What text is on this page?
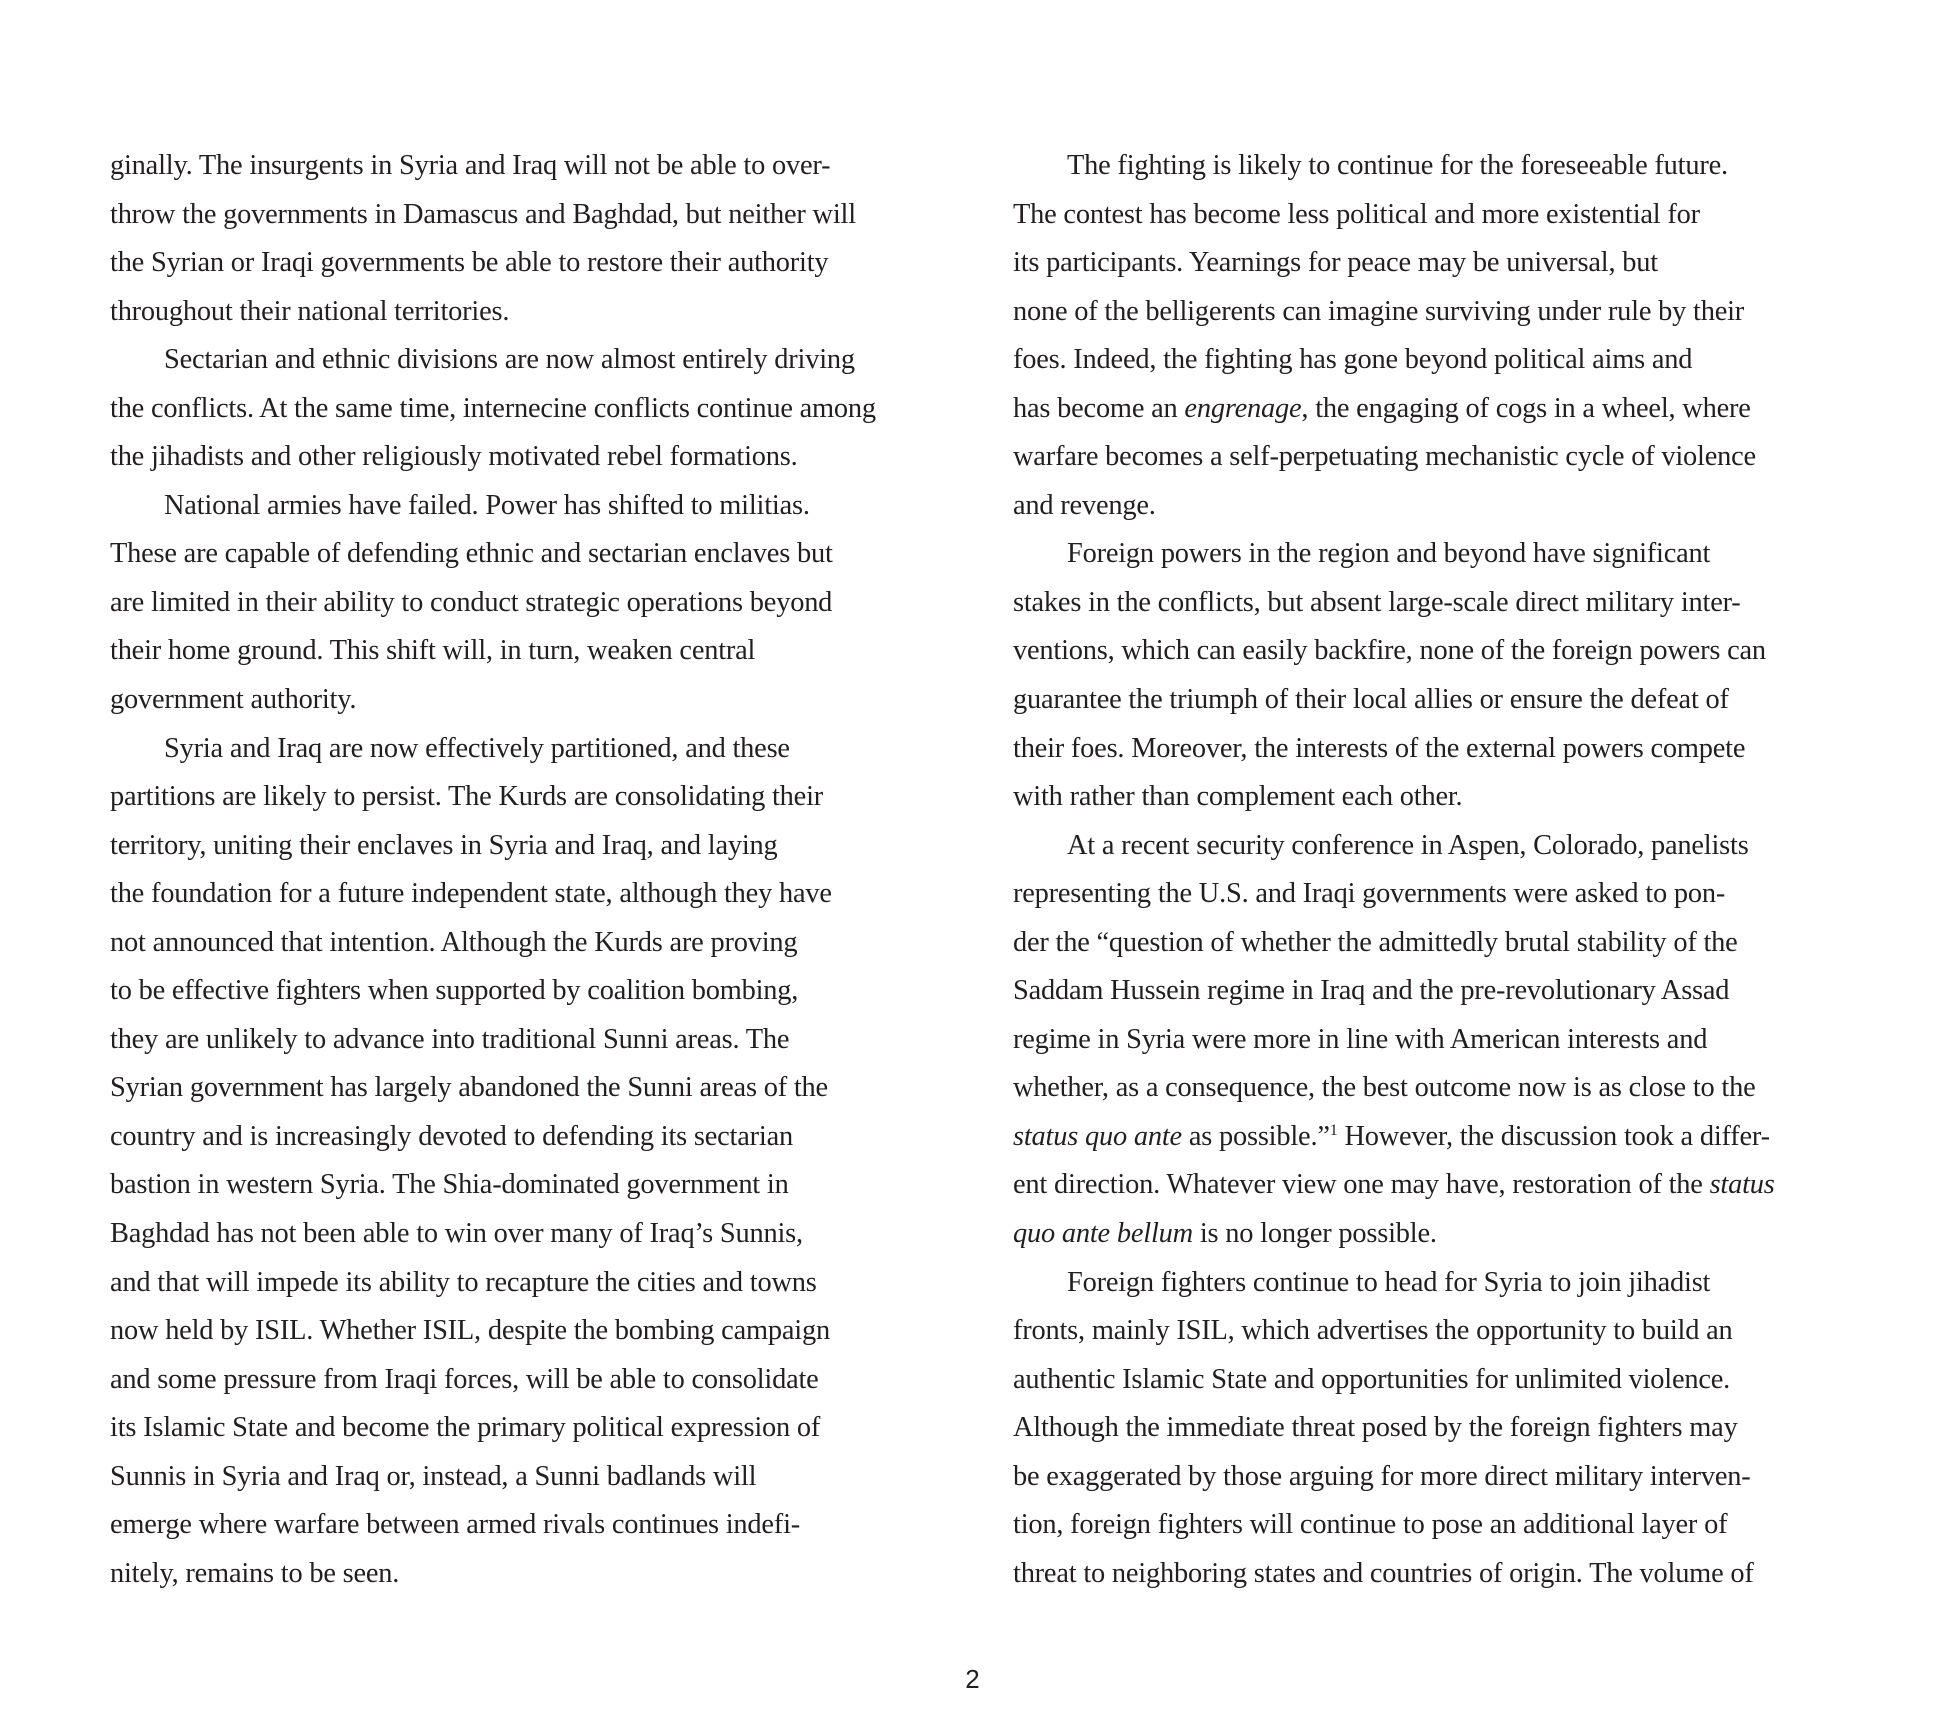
ginally. The insurgents in Syria and Iraq will not be able to over-
throw the governments in Damascus and Baghdad, but neither will
the Syrian or Iraqi governments be able to restore their authority
throughout their national territories.
Sectarian and ethnic divisions are now almost entirely driving
the conflicts. At the same time, internecine conflicts continue among
the jihadists and other religiously motivated rebel formations.
National armies have failed. Power has shifted to militias.
These are capable of defending ethnic and sectarian enclaves but
are limited in their ability to conduct strategic operations beyond
their home ground. This shift will, in turn, weaken central
government authority.
Syria and Iraq are now effectively partitioned, and these
partitions are likely to persist. The Kurds are consolidating their
territory, uniting their enclaves in Syria and Iraq, and laying
the foundation for a future independent state, although they have
not announced that intention. Although the Kurds are proving
to be effective fighters when supported by coalition bombing,
they are unlikely to advance into traditional Sunni areas. The
Syrian government has largely abandoned the Sunni areas of the
country and is increasingly devoted to defending its sectarian
bastion in western Syria. The Shia-dominated government in
Baghdad has not been able to win over many of Iraq’s Sunnis,
and that will impede its ability to recapture the cities and towns
now held by ISIL. Whether ISIL, despite the bombing campaign
and some pressure from Iraqi forces, will be able to consolidate
its Islamic State and become the primary political expression of
Sunnis in Syria and Iraq or, instead, a Sunni badlands will
emerge where warfare between armed rivals continues indefi-
nitely, remains to be seen.
The fighting is likely to continue for the foreseeable future.
The contest has become less political and more existential for
its participants. Yearnings for peace may be universal, but
none of the belligerents can imagine surviving under rule by their
foes. Indeed, the fighting has gone beyond political aims and
has become an engrenage, the engaging of cogs in a wheel, where
warfare becomes a self-perpetuating mechanistic cycle of violence
and revenge.
Foreign powers in the region and beyond have significant
stakes in the conflicts, but absent large-scale direct military inter-
ventions, which can easily backfire, none of the foreign powers can
guarantee the triumph of their local allies or ensure the defeat of
their foes. Moreover, the interests of the external powers compete
with rather than complement each other.
At a recent security conference in Aspen, Colorado, panelists
representing the U.S. and Iraqi governments were asked to pon-
der the “question of whether the admittedly brutal stability of the
Saddam Hussein regime in Iraq and the pre-revolutionary Assad
regime in Syria were more in line with American interests and
whether, as a consequence, the best outcome now is as close to the
status quo ante as possible.”$^1$ However, the discussion took a differ-
ent direction. Whatever view one may have, restoration of the status
quo ante bellum is no longer possible.
Foreign fighters continue to head for Syria to join jihadist
fronts, mainly ISIL, which advertises the opportunity to build an
authentic Islamic State and opportunities for unlimited violence.
Although the immediate threat posed by the foreign fighters may
be exaggerated by those arguing for more direct military interven-
tion, foreign fighters will continue to pose an additional layer of
threat to neighboring states and countries of origin. The volume of
2
